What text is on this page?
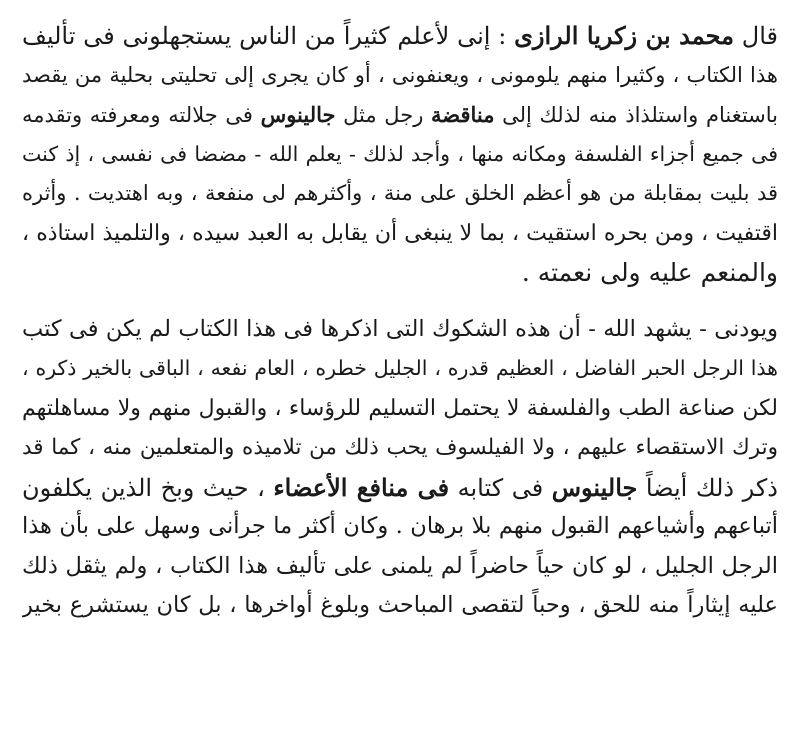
قال محمد بن زكريا الرازى : إنى لأعلم كثيراً من الناس يستجهلونى فى تأليف
هذا الكتاب ، وكثيرا منهم يلومونى ، ويعنفونى ، أو كان يجرى إلى تحليتى بحلية من يقصد
باستغنام واستلذاذ منه لذلك إلى مناقضة رجل مثل جالينوس فى جلالته ومعرفته وتقدمه
فى جميع أجزاء الفلسفة ومكانه منها ، وأجد لذلك - يعلم الله - مضضا فى نفسى ، إذ كنت
قد بليت بمقابلة من هو أعظم الخلق على منة ، وأكثرهم لى منفعة ، وبه اهتديت . وأثره
اقتفيت ، ومن بحره استقيت ، بما لا ينبغى أن يقابل به العبد سيده ، والتلميذ استاذه ،
والمنعم عليه ولى نعمته .
ويودنى - يشهد الله - أن هذه الشكوك التى اذكرها فى هذا الكتاب لم يكن فى كتب
هذا الرجل الحبر الفاضل ، العظيم قدره ، الجليل خطره ، العام نفعه ، الباقى بالخير ذكره ،
لكن صناعة الطب والفلسفة لا يحتمل التسليم للرؤساء ، والقبول منهم ولا مساهلتهم
وترك الاستقصاء عليهم ، ولا الفيلسوف يحب ذلك من تلاميذه والمتعلمين منه ، كما قد
ذكر ذلك أيضاً جالينوس فى كتابه فى منافع الأعضاء ، حيث وبخ الذين يكلفون
أتباعهم وأشياعهم القبول منهم بلا برهان . وكان أكثر ما جرأنى وسهل على بأن هذا
الرجل الجليل ، لو كان حياً حاضراً لم يلمنى على تأليف هذا الكتاب ، ولم يثقل ذلك
عليه إيثاراً منه للحق ، وحباً لتقصى المباحث وبلوغ أواخرها ، بل كان يستشرع بخير
